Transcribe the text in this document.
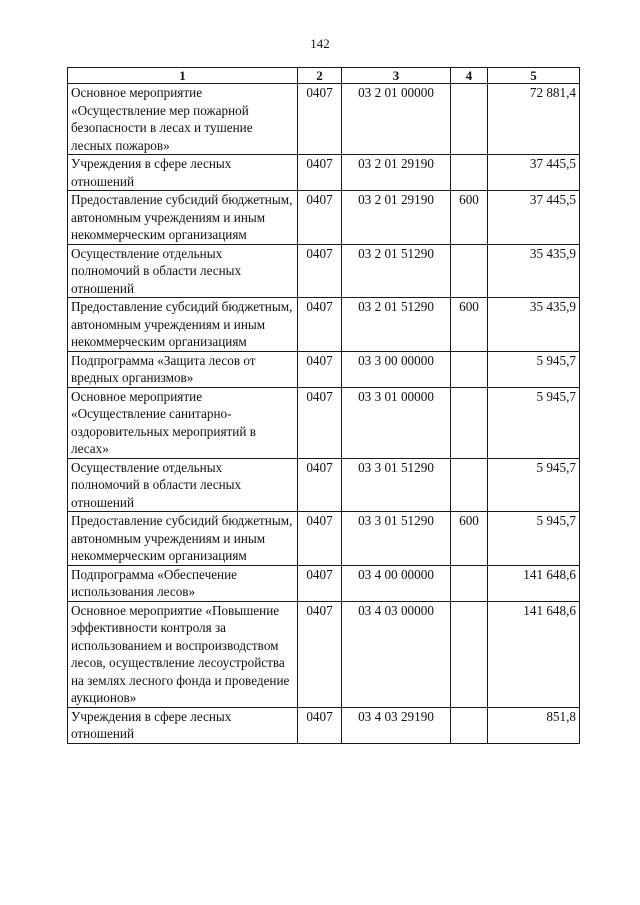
142
1	2	3	4	5
Основное мероприятие «Осуществление мер пожарной безопасности в лесах и тушение лесных пожаров»	0407	03 2 01 00000		72 881,4
Учреждения в сфере лесных отношений	0407	03 2 01 29190		37 445,5
Предоставление субсидий бюджетным, автономным учреждениям и иным некоммерческим организациям	0407	03 2 01 29190	600	37 445,5
Осуществление отдельных полномочий в области лесных отношений	0407	03 2 01 51290		35 435,9
Предоставление субсидий бюджетным, автономным учреждениям и иным некоммерческим организациям	0407	03 2 01 51290	600	35 435,9
Подпрограмма «Защита лесов от вредных организмов»	0407	03 3 00 00000		5 945,7
Основное мероприятие «Осуществление санитарно-оздоровительных мероприятий в лесах»	0407	03 3 01 00000		5 945,7
Осуществление отдельных полномочий в области лесных отношений	0407	03 3 01 51290		5 945,7
Предоставление субсидий бюджетным, автономным учреждениям и иным некоммерческим организациям	0407	03 3 01 51290	600	5 945,7
Подпрограмма «Обеспечение использования лесов»	0407	03 4 00 00000		141 648,6
Основное мероприятие «Повышение эффективности контроля за использованием и воспроизводством лесов, осуществление лесоустройства на землях лесного фонда и проведение аукционов»	0407	03 4 03 00000		141 648,6
Учреждения в сфере лесных отношений	0407	03 4 03 29190		851,8
